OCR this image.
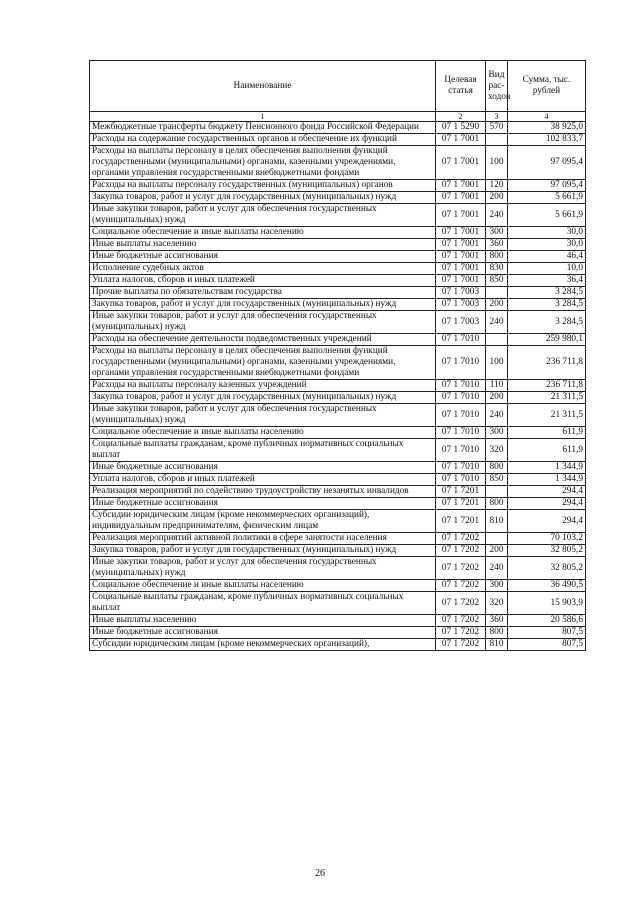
Наименование	Целевая статья	Вид рас-ходов	Сумма, тыс. рублей
1	2	3	4
Межбюджетные трансферты бюджету Пенсионного фонда Российской Федерации	07 1 5290	570	38 925,0
Расходы на содержание государственных органов и обеспечение их функций	07 1 7001		102 833,7
Расходы на выплаты персоналу в целях обеспечения выполнения функций государственными (муниципальными) органами, казенными учреждениями, органами управления государственными внебюджетными фондами	07 1 7001	100	97 095,4
Расходы на выплаты персоналу государственных (муниципальных) органов	07 1 7001	120	97 095,4
Закупка товаров, работ и услуг для государственных (муниципальных) нужд	07 1 7001	200	5 661,9
Иные закупки товаров, работ и услуг для обеспечения государственных (муниципальных) нужд	07 1 7001	240	5 661,9
Социальное обеспечение и иные выплаты населению	07 1 7001	300	30,0
Иные выплаты населению	07 1 7001	360	30,0
Иные бюджетные ассигнования	07 1 7001	800	46,4
Исполнение судебных актов	07 1 7001	830	10,0
Уплата налогов, сборов и иных платежей	07 1 7001	850	36,4
Прочие выплаты по обязательствам государства	07 1 7003		3 284,5
Закупка товаров, работ и услуг для государственных (муниципальных) нужд	07 1 7003	200	3 284,5
Иные закупки товаров, работ и услуг для обеспечения государственных (муниципальных) нужд	07 1 7003	240	3 284,5
Расходы на обеспечение деятельности подведомственных учреждений	07 1 7010		259 980,1
Расходы на выплаты персоналу в целях обеспечения выполнения функций государственными (муниципальными) органами, казенными учреждениями, органами управления государственными внебюджетными фондами	07 1 7010	100	236 711,8
Расходы на выплаты персоналу казенных учреждений	07 1 7010	110	236 711,8
Закупка товаров, работ и услуг для государственных (муниципальных) нужд	07 1 7010	200	21 311,5
Иные закупки товаров, работ и услуг для обеспечения государственных (муниципальных) нужд	07 1 7010	240	21 311,5
Социальное обеспечение и иные выплаты населению	07 1 7010	300	611,9
Социальные выплаты гражданам, кроме публичных нормативных социальных выплат	07 1 7010	320	611,9
Иные бюджетные ассигнования	07 1 7010	800	1 344,9
Уплата налогов, сборов и иных платежей	07 1 7010	850	1 344,9
Реализация мероприятий по содействию трудоустройству незанятых инвалидов	07 1 7201		294,4
Иные бюджетные ассигнования	07 1 7201	800	294,4
Субсидии юридическим лицам (кроме некоммерческих организаций), индивидуальным предпринимателям, физическим лицам	07 1 7201	810	294,4
Реализация мероприятий активной политики в сфере занятости населения	07 1 7202		70 103,2
Закупка товаров, работ и услуг для государственных (муниципальных) нужд	07 1 7202	200	32 805,2
Иные закупки товаров, работ и услуг для обеспечения государственных (муниципальных) нужд	07 1 7202	240	32 805,2
Социальное обеспечение и иные выплаты населению	07 1 7202	300	36 490,5
Социальные выплаты гражданам, кроме публичных нормативных социальных выплат	07 1 7202	320	15 903,9
Иные выплаты населению	07 1 7202	360	20 586,6
Иные бюджетные ассигнования	07 1 7202	800	807,5
Субсидии юридическим лицам (кроме некоммерческих организаций),	07 1 7202	810	807,5
26
